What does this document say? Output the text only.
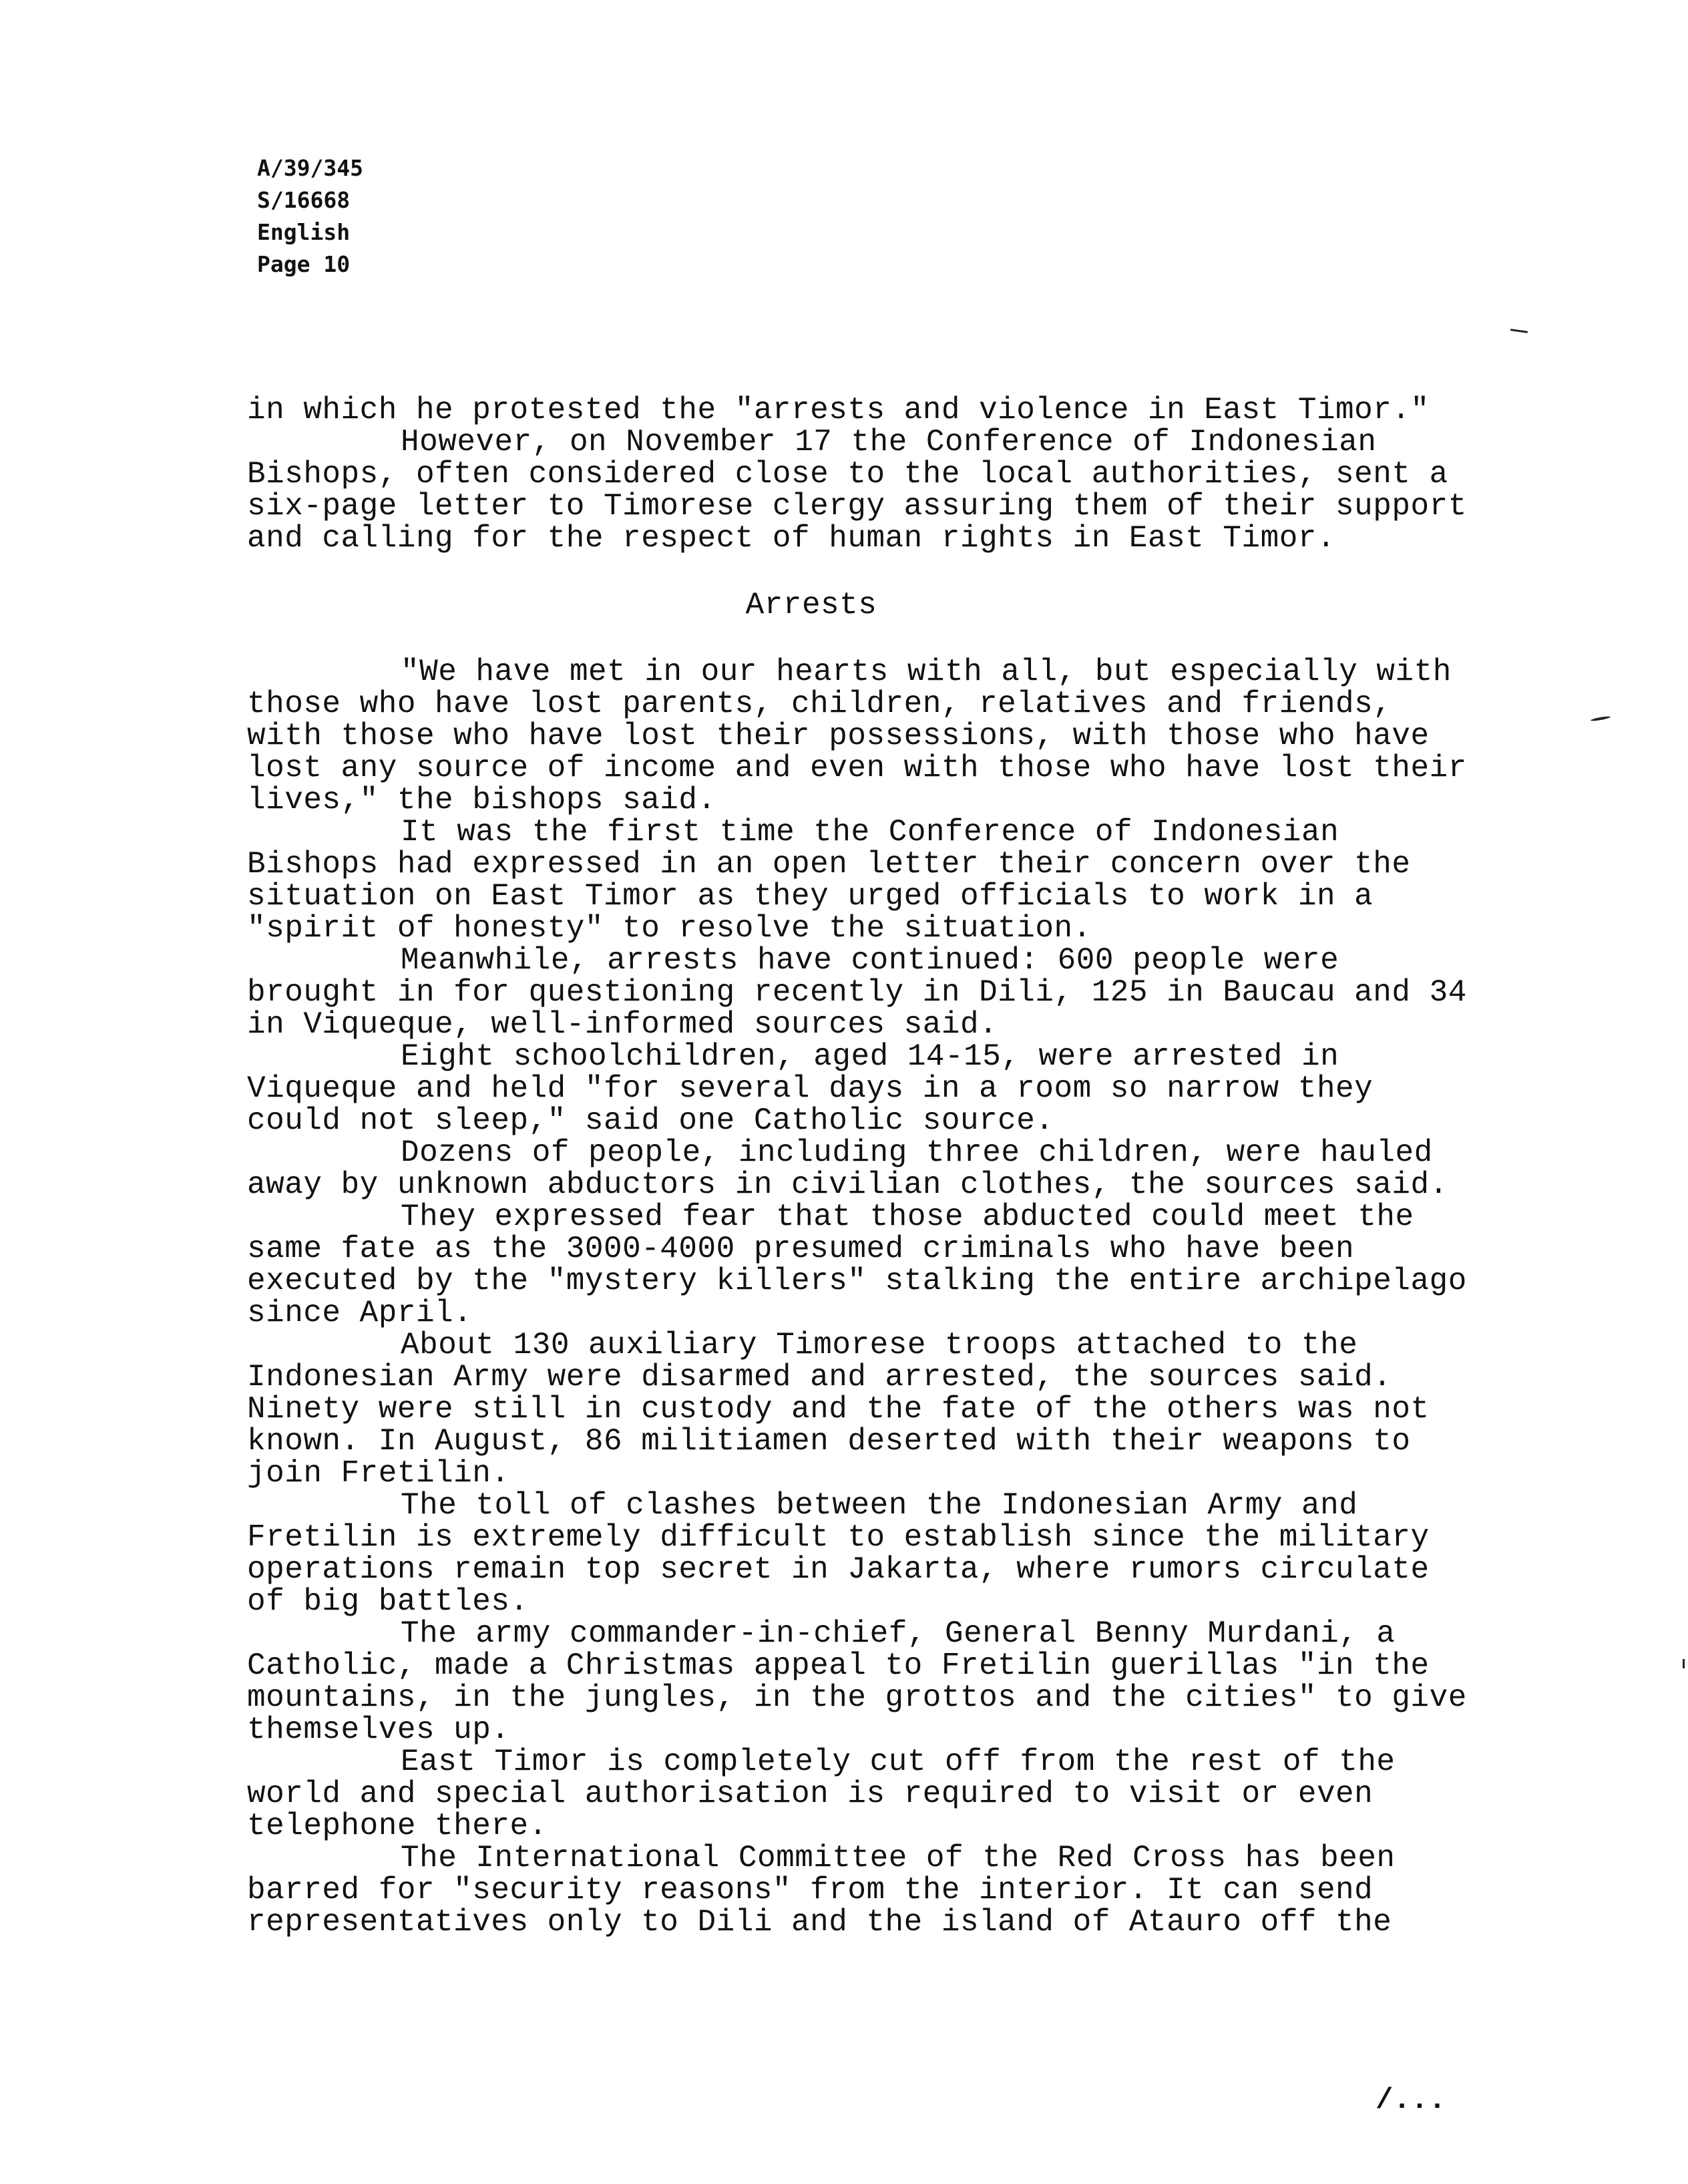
A/39/345
S/16668
English
Page 10

in which he protested the "arrests and violence in East Timor."

However, on November 17 the Conference of Indonesian Bishops, often considered close to the local authorities, sent a six-page letter to Timorese clergy assuring them of their support and calling for the respect of human rights in East Timor.

Arrests

"We have met in our hearts with all, but especially with those who have lost parents, children, relatives and friends, with those who have lost their possessions, with those who have lost any source of income and even with those who have lost their lives," the bishops said.

It was the first time the Conference of Indonesian Bishops had expressed in an open letter their concern over the situation on East Timor as they urged officials to work in a "spirit of honesty" to resolve the situation.

Meanwhile, arrests have continued: 600 people were brought in for questioning recently in Dili, 125 in Baucau and 34 in Viqueque, well-informed sources said.

Eight schoolchildren, aged 14-15, were arrested in Viqueque and held "for several days in a room so narrow they could not sleep," said one Catholic source.

Dozens of people, including three children, were hauled away by unknown abductors in civilian clothes, the sources said.

They expressed fear that those abducted could meet the same fate as the 3000-4000 presumed criminals who have been executed by the "mystery killers" stalking the entire archipelago since April.

About 130 auxiliary Timorese troops attached to the Indonesian Army were disarmed and arrested, the sources said. Ninety were still in custody and the fate of the others was not known. In August, 86 militiamen deserted with their weapons to join Fretilin.

The toll of clashes between the Indonesian Army and Fretilin is extremely difficult to establish since the military operations remain top secret in Jakarta, where rumors circulate of big battles.

The army commander-in-chief, General Benny Murdani, a Catholic, made a Christmas appeal to Fretilin guerillas "in the mountains, in the jungles, in the grottos and the cities" to give themselves up.

East Timor is completely cut off from the rest of the world and special authorisation is required to visit or even telephone there.

The International Committee of the Red Cross has been barred for "security reasons" from the interior. It can send representatives only to Dili and the island of Atauro off the

/...
